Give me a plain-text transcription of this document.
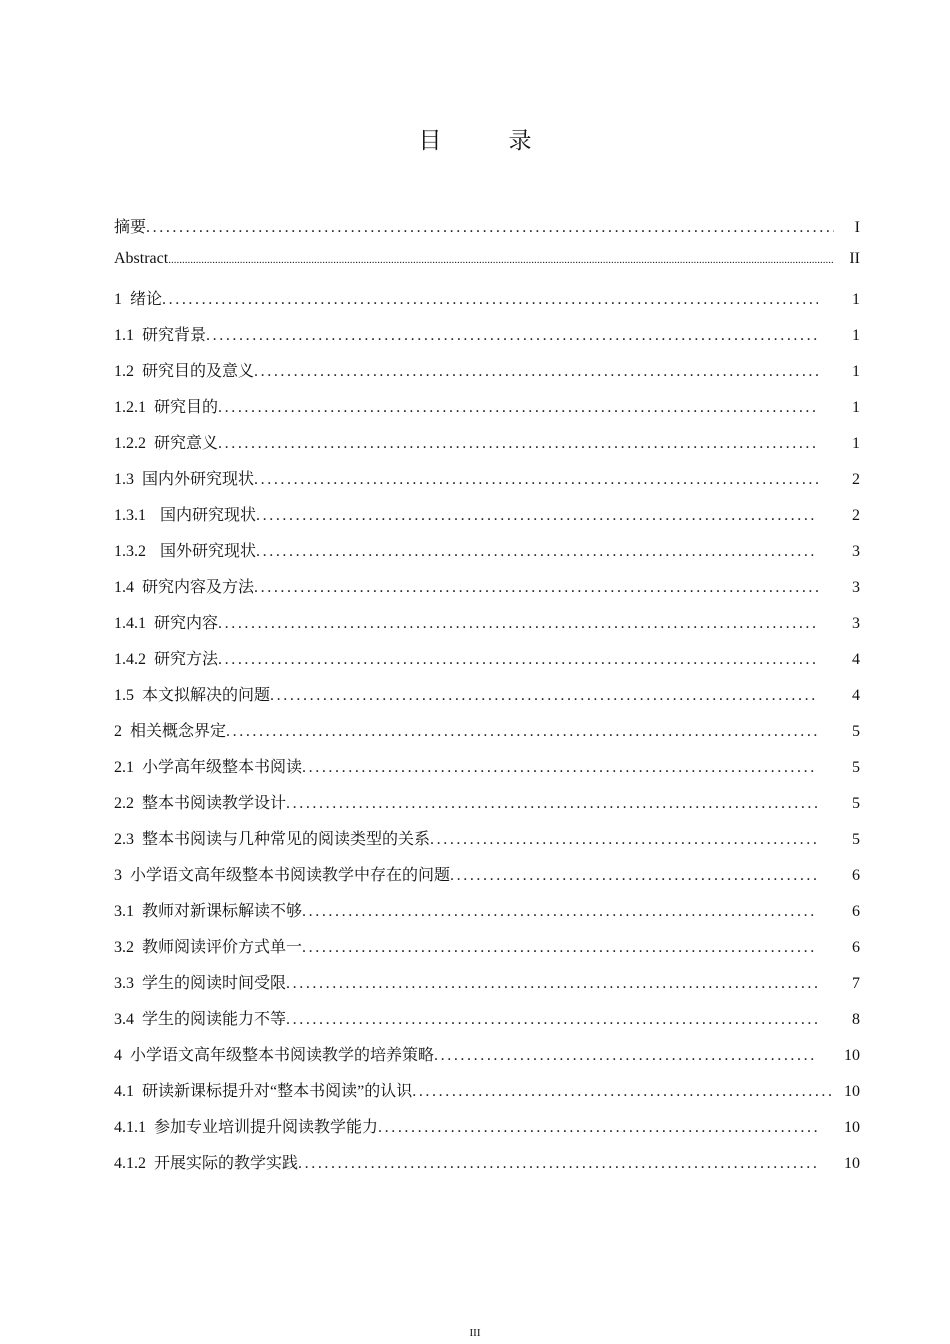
目　录
摘要 .....	I
Abstract .....	II
1 绪论 .....	1
1.1 研究背景 .....	1
1.2 研究目的及意义 .....	1
1.2.1 研究目的 .....	1
1.2.2 研究意义 .....	1
1.3 国内外研究现状 .....	2
1.3.1 国内研究现状 .....	2
1.3.2 国外研究现状 .....	3
1.4 研究内容及方法 .....	3
1.4.1 研究内容 .....	3
1.4.2 研究方法 .....	4
1.5 本文拟解决的问题 .....	4
2 相关概念界定 .....	5
2.1 小学高年级整本书阅读 .....	5
2.2 整本书阅读教学设计 .....	5
2.3 整本书阅读与几种常见的阅读类型的关系 .....	5
3 小学语文高年级整本书阅读教学中存在的问题 .....	6
3.1 教师对新课标解读不够 .....	6
3.2 教师阅读评价方式单一 .....	6
3.3 学生的阅读时间受限 .....	7
3.4 学生的阅读能力不等 .....	8
4 小学语文高年级整本书阅读教学的培养策略 .....	10
4.1 研读新课标提升对“整本书阅读”的认识 .....	10
4.1.1 参加专业培训提升阅读教学能力 .....	10
4.1.2 开展实际的教学实践 .....	10
III
